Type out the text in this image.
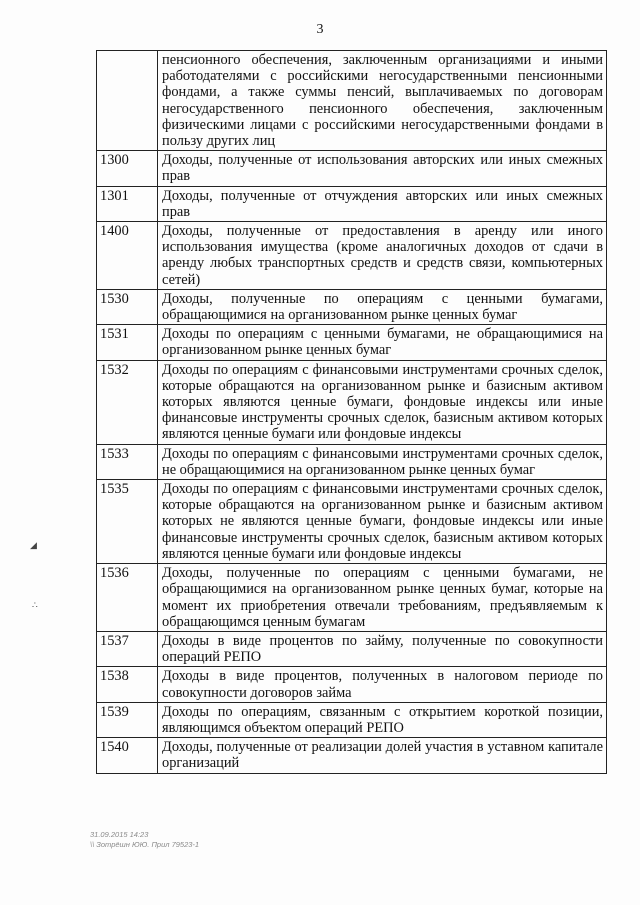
3
	пенсионного обеспечения, заключенным организациями и иными работодателями с российскими негосударственными пенсионными фондами, а также суммы пенсий, выплачиваемых по договорам негосударственного пенсионного обеспечения, заключенным физическими лицами с российскими негосударственными фондами в пользу других лиц
1300	Доходы, полученные от использования авторских или иных смежных прав
1301	Доходы, полученные от отчуждения авторских или иных смежных прав
1400	Доходы, полученные от предоставления в аренду или иного использования имущества (кроме аналогичных доходов от сдачи в аренду любых транспортных средств и средств связи, компьютерных сетей)
1530	Доходы, полученные по операциям с ценными бумагами, обращающимися на организованном рынке ценных бумаг
1531	Доходы по операциям с ценными бумагами, не обращающимися на организованном рынке ценных бумаг
1532	Доходы по операциям с финансовыми инструментами срочных сделок, которые обращаются на организованном рынке и базисным активом которых являются ценные бумаги, фондовые индексы или иные финансовые инструменты срочных сделок, базисным активом которых являются ценные бумаги или фондовые индексы
1533	Доходы по операциям с финансовыми инструментами срочных сделок, не обращающимися на организованном рынке ценных бумаг
1535	Доходы по операциям с финансовыми инструментами срочных сделок, которые обращаются на организованном рынке и базисным активом которых не являются ценные бумаги, фондовые индексы или иные финансовые инструменты срочных сделок, базисным активом которых являются ценные бумаги или фондовые индексы
1536	Доходы, полученные по операциям с ценными бумагами, не обращающимися на организованном рынке ценных бумаг, которые на момент их приобретения отвечали требованиям, предъявляемым к обращающимся ценным бумагам
1537	Доходы в виде процентов по займу, полученные по совокупности операций РЕПО
1538	Доходы в виде процентов, полученных в налоговом периоде по совокупности договоров займа
1539	Доходы по операциям, связанным с открытием короткой позиции, являющимся объектом операций РЕПО
1540	Доходы, полученные от реализации долей участия в уставном капитале организаций
31.09.2015 14:23
\\ Зотрёшн ЮЮ. Прил 79523-1
◢
∴
